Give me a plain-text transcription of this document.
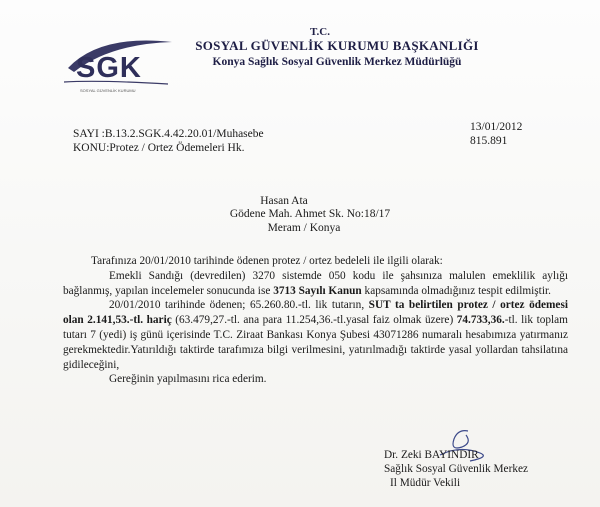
SGK
SOSYAL GÜVENLİK KURUMU
T.C.
SOSYAL GÜVENLİK KURUMU BAŞKANLIĞI
Konya Sağlık Sosyal Güvenlik Merkez Müdürlüğü
SAYI :B.13.2.SGK.4.42.20.01/Muhasebe
KONU:Protez / Ortez Ödemeleri Hk.
13/01/2012
815.891
Hasan Ata
Gödene Mah. Ahmet Sk. No:18/17
Meram / Konya

Tarafınıza 20/01/2010 tarihinde ödenen protez / ortez bedeleli ile ilgili olarak:

Emekli Sandığı (devredilen) 3270 sistemde 050 kodu ile şahsınıza malulen emeklilik aylığı bağlanmış, yapılan incelemeler sonucunda ise 3713 Sayılı Kanun kapsamında olmadığınız tespit edilmiştir.

20/01/2010 tarihinde ödenen; 65.260.80.-tl. lik tutarın, SUT ta belirtilen protez / ortez ödemesi olan 2.141,53.-tl. hariç (63.479,27.-tl. ana para 11.254,36.-tl.yasal faiz olmak üzere) 74.733,36.-tl. lik toplam tutarı 7 (yedi) iş günü içerisinde T.C. Ziraat Bankası Konya Şubesi 43071286 numaralı hesabımıza yatırmanız gerekmektedir.Yatırıldığı taktirde tarafımıza bilgi verilmesini, yatırılmadığı taktirde yasal yollardan tahsilatına gidileceğini,

Gereğinin yapılmasını rica ederim.

Dr. Zeki BAYINDIR
Sağlık Sosyal Güvenlik Merkez
Il Müdür Vekili
